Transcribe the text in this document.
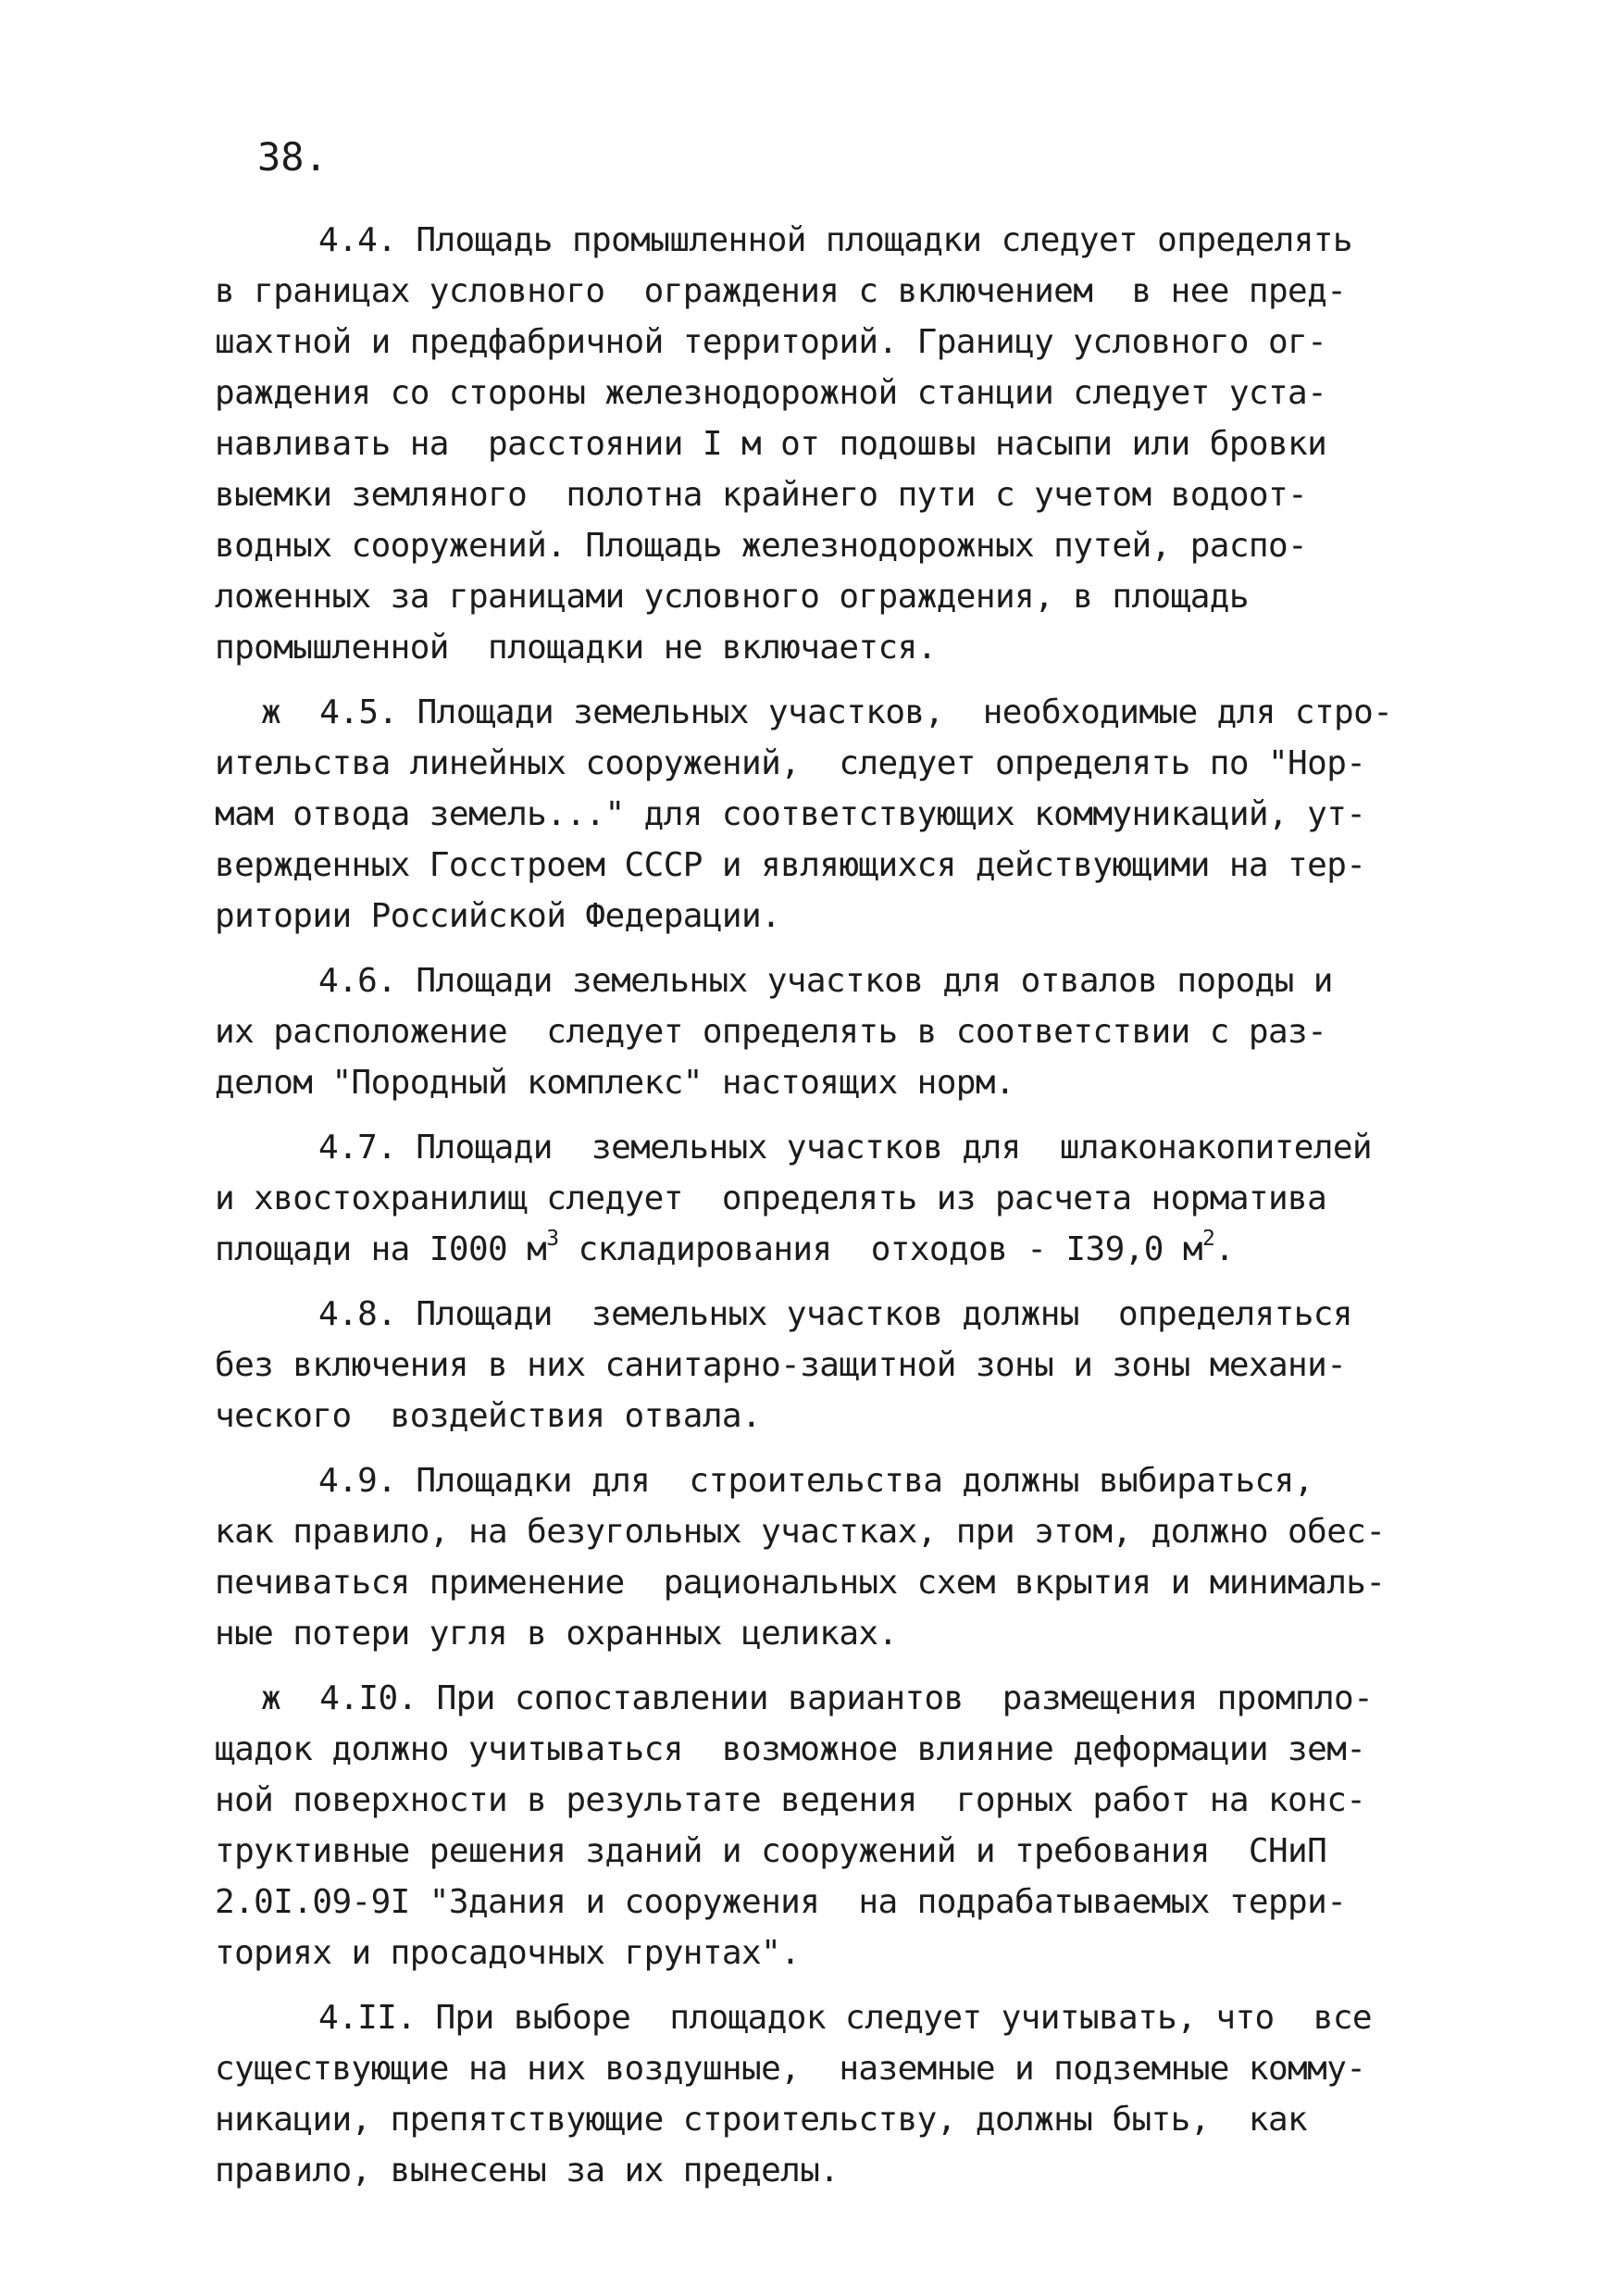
38.
4.4. Площадь промышленной площадки следует определять
в границах условного  ограждения с включением  в нее пред-
шахтной и предфабричной территорий. Границу условного ог-
раждения со стороны железнодорожной станции следует уста-
навливать на  расстоянии I м от подошвы насыпи или бровки
выемки земляного  полотна крайнего пути с учетом водоот-
водных сооружений. Площадь железнодорожных путей, распо-
ложенных за границами условного ограждения, в площадь
промышленной  площадки не включается.
ж  4.5. Площади земельных участков,  необходимые для стро-
ительства линейных сооружений,  следует определять по "Нор-
мам отвода земель..." для соответствующих коммуникаций, ут-
вержденных Госстроем СССР и являющихся действующими на тер-
ритории Российской Федерации.
4.6. Площади земельных участков для отвалов породы и
их расположение  следует определять в соответствии с раз-
делом "Породный комплекс" настоящих норм.
4.7. Площади  земельных участков для  шлаконакопителей
и хвостохранилищ следует  определять из расчета норматива
площади на I000 $м^3$ складирования  отходов - I39,0 $м^2$.
4.8. Площади  земельных участков должны  определяться
без включения в них санитарно-защитной зоны и зоны механи-
ческого  воздействия отвала.
4.9. Площадки для  строительства должны выбираться,
как правило, на безугольных участках, при этом, должно обес-
печиваться применение  рациональных схем вкрытия и минималь-
ные потери угля в охранных целиках.
ж  4.I0. При сопоставлении вариантов  размещения промпло-
щадок должно учитываться  возможное влияние деформации зем-
ной поверхности в результате ведения  горных работ на конс-
труктивные решения зданий и сооружений и требования  СНиП
2.0I.09-9I "Здания и сооружения  на подрабатываемых терри-
ториях и просадочных грунтах".
4.II. При выборе  площадок следует учитывать, что  все
существующие на них воздушные,  наземные и подземные комму-
никации, препятствующие строительству, должны быть,  как
правило, вынесены за их пределы.
